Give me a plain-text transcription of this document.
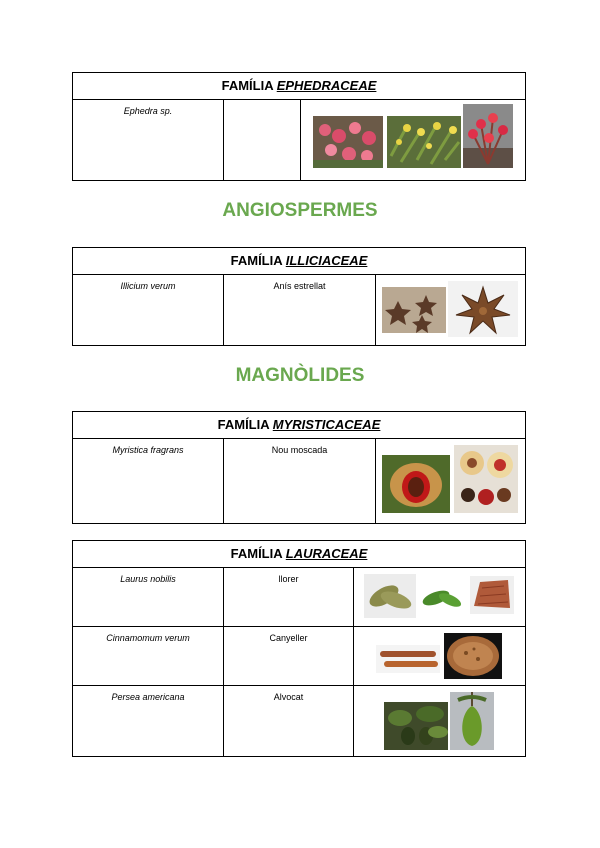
FAMÍLIA EPHEDRACEAE
Ephedra sp.
ANGIOSPERMES
FAMÍLIA ILLICIACEAE
Illicium verum	Anís estrellat
MAGNÒLIDES
FAMÍLIA MYRISTICACEAE
Myristica fragrans	Nou moscada
FAMÍLIA LAURACEAE
Laurus nobilis	llorer
Cinnamomum verum	Canyeller
Persea americana	Alvocat
